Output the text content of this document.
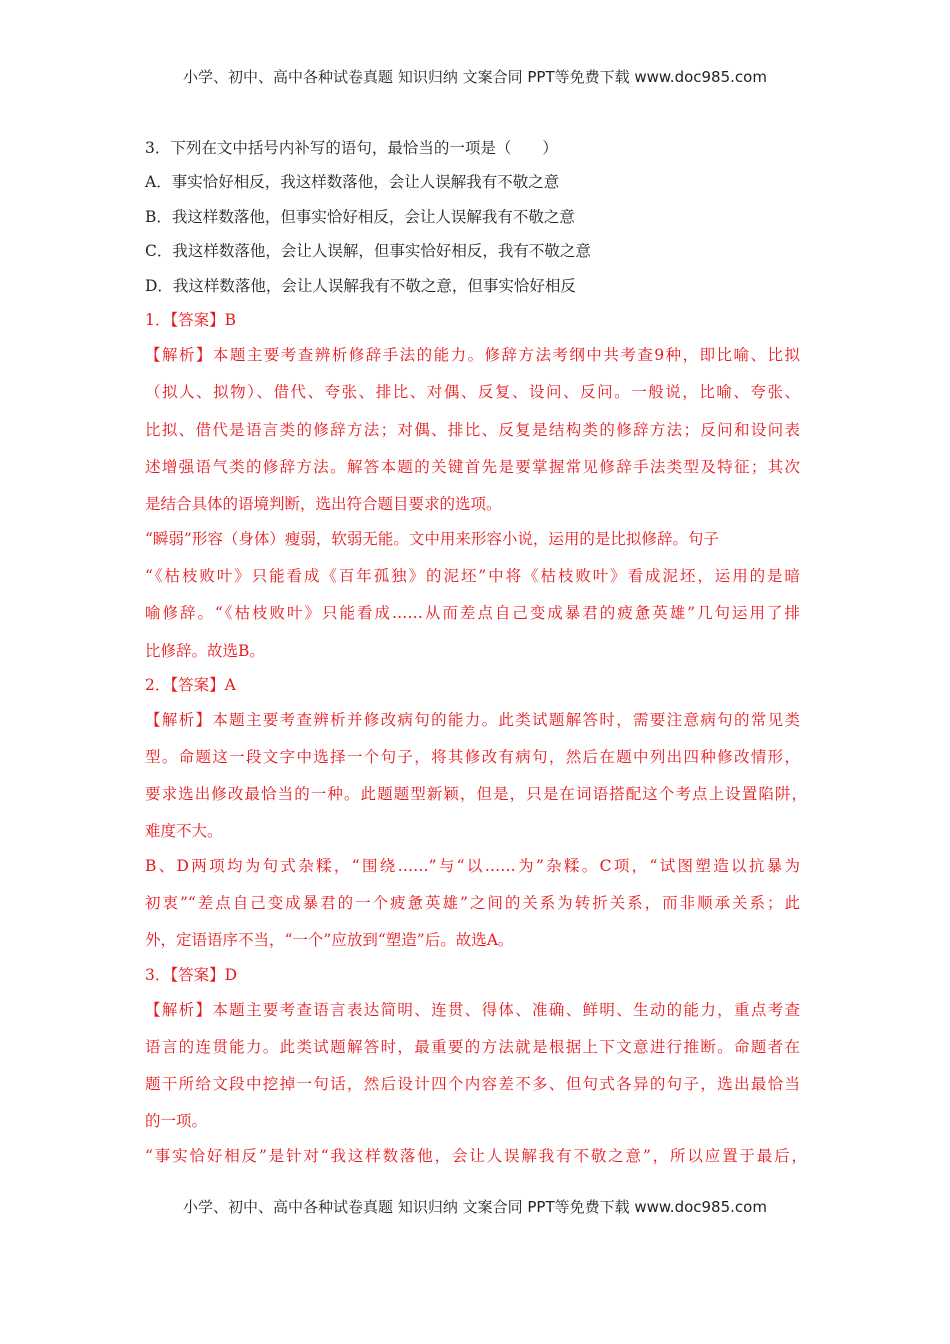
小学、初中、高中各种试卷真题 知识归纳 文案合同 PPT等免费下载 www.doc985.com
3．下列在文中括号内补写的语句，最恰当的一项是（　　）
A．事实恰好相反，我这样数落他，会让人误解我有不敬之意
B．我这样数落他，但事实恰好相反，会让人误解我有不敬之意
C．我这样数落他，会让人误解，但事实恰好相反，我有不敬之意
D．我这样数落他，会让人误解我有不敬之意，但事实恰好相反
1．【答案】B
【解析】本题主要考查辨析修辞手法的能力。修辞方法考纲中共考查9种，即比喻、比拟
（拟人、拟物）、借代、夸张、排比、对偶、反复、设问、反问。一般说，比喻、夸张、
比拟、借代是语言类的修辞方法；对偶、排比、反复是结构类的修辞方法；反问和设问表
述增强语气类的修辞方法。解答本题的关键首先是要掌握常见修辞手法类型及特征；其次
是结合具体的语境判断，选出符合题目要求的选项。
“瞬弱”形容（身体）瘦弱，软弱无能。文中用来形容小说，运用的是比拟修辞。句子
“《枯枝败叶》只能看成《百年孤独》的泥坯”中将《枯枝败叶》看成泥坯，运用的是暗
喻修辞。“《枯枝败叶》只能看成……从而差点自己变成暴君的疲惫英雄”几句运用了排
比修辞。故选B。
2．【答案】A
【解析】本题主要考查辨析并修改病句的能力。此类试题解答时，需要注意病句的常见类
型。命题这一段文字中选择一个句子，将其修改有病句，然后在题中列出四种修改情形，
要求选出修改最恰当的一种。此题题型新颖，但是，只是在词语搭配这个考点上设置陷阱，
难度不大。
B、D两项均为句式杂糅，“围绕……”与“以……为”杂糅。C项，“试图塑造以抗暴为
初衷”“差点自己变成暴君的一个疲惫英雄”之间的关系为转折关系，而非顺承关系；此
外，定语语序不当，“一个”应放到“塑造”后。故选A。
3．【答案】D
【解析】本题主要考查语言表达简明、连贯、得体、准确、鲜明、生动的能力，重点考查
语言的连贯能力。此类试题解答时，最重要的方法就是根据上下文意进行推断。命题者在
题干所给文段中挖掉一句话，然后设计四个内容差不多、但句式各异的句子，选出最恰当
的一项。
“事实恰好相反”是针对“我这样数落他，会让人误解我有不敬之意”，所以应置于最后，
小学、初中、高中各种试卷真题 知识归纳 文案合同 PPT等免费下载 www.doc985.com
